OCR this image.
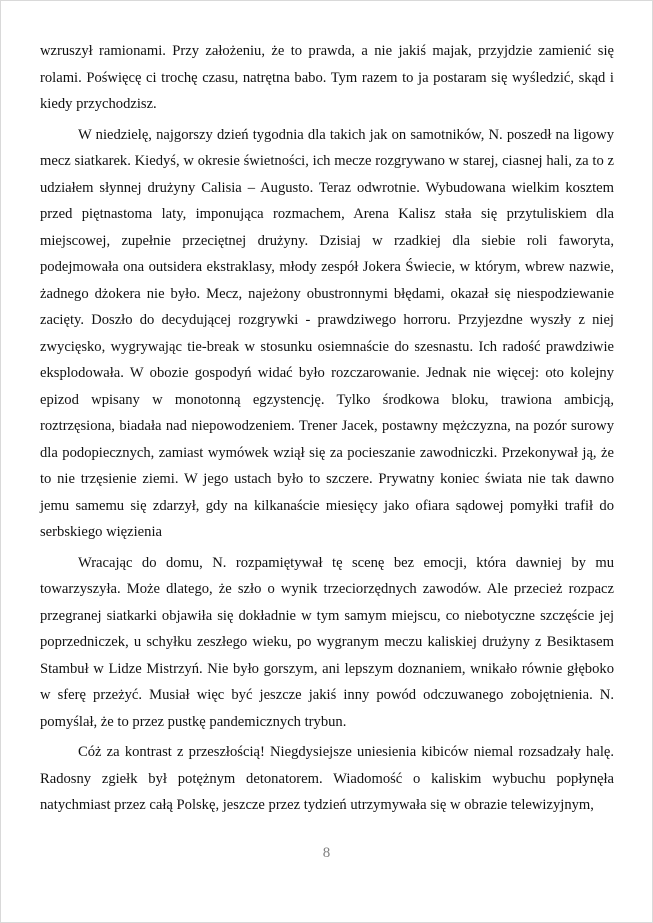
wzruszył ramionami. Przy założeniu, że to prawda, a nie jakiś majak, przyjdzie zamienić się rolami. Poświęcę ci trochę czasu, natrętna babo. Tym razem to ja postaram się wyśledzić, skąd i kiedy przychodzisz.

W niedzielę, najgorszy dzień tygodnia dla takich jak on samotników, N. poszedł na ligowy mecz siatkarek. Kiedyś, w okresie świetności, ich mecze rozgrywano w starej, ciasnej hali, za to z udziałem słynnej drużyny Calisia – Augusto. Teraz odwrotnie. Wybudowana wielkim kosztem przed piętnastoma laty, imponująca rozmachem, Arena Kalisz stała się przytuliskiem dla miejscowej, zupełnie przeciętnej drużyny. Dzisiaj w rzadkiej dla siebie roli faworyta, podejmowała ona outsidera ekstraklasy, młody zespół Jokera Świecie, w którym, wbrew nazwie, żadnego dżokera nie było. Mecz, najeżony obustronnymi błędami, okazał się niespodziewanie zacięty. Doszło do decydującej rozgrywki - prawdziwego horroru. Przyjezdne wyszły z niej zwycięsko, wygrywając tie-break w stosunku osiemnaście do szesnastu. Ich radość prawdziwie eksplodowała. W obozie gospodyń widać było rozczarowanie. Jednak nie więcej: oto kolejny epizod wpisany w monotonną egzystencję. Tylko środkowa bloku, trawiona ambicją, roztrzęsiona, biadała nad niepowodzeniem. Trener Jacek, postawny mężczyzna, na pozór surowy dla podopiecznych, zamiast wymówek wziął się za pocieszanie zawodniczki. Przekonywał ją, że to nie trzęsienie ziemi. W jego ustach było to szczere. Prywatny koniec świata nie tak dawno jemu samemu się zdarzył, gdy na kilkanaście miesięcy jako ofiara sądowej pomyłki trafił do serbskiego więzienia

Wracając do domu, N. rozpamiętywał tę scenę bez emocji, która dawniej by mu towarzyszyła. Może dlatego, że szło o wynik trzeciorzędnych zawodów. Ale przecież rozpacz przegranej siatkarki objawiła się dokładnie w tym samym miejscu, co niebotyczne szczęście jej poprzedniczek, u schyłku zeszłego wieku, po wygranym meczu kaliskiej drużyny z Besiktasem Stambuł w Lidze Mistrzyń. Nie było gorszym, ani lepszym doznaniem, wnikało równie głęboko w sferę przeżyć. Musiał więc być jeszcze jakiś inny powód odczuwanego zobojętnienia. N. pomyślał, że to przez pustkę pandemicznych trybun.

Cóż za kontrast z przeszłością! Niegdysiejsze uniesienia kibiców niemal rozsadzały halę. Radosny zgiełk był potężnym detonatorem. Wiadomość o kaliskim wybuchu popłynęła natychmiast przez całą Polskę, jeszcze przez tydzień utrzymywała się w obrazie telewizyjnym,

8
